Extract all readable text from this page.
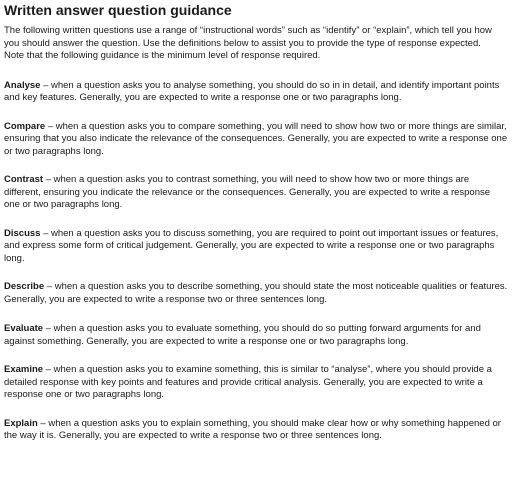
Written answer question guidance

The following written questions use a range of “instructional words” such as “identify” or “explain”, which tell you how you should answer the question. Use the definitions below to assist you to provide the type of response expected.

Note that the following guidance is the minimum level of response required.

Analyse – when a question asks you to analyse something, you should do so in in detail, and identify important points and key features. Generally, you are expected to write a response one or two paragraphs long.

Compare – when a question asks you to compare something, you will need to show how two or more things are similar, ensuring that you also indicate the relevance of the consequences. Generally, you are expected to write a response one or two paragraphs long.

Contrast – when a question asks you to contrast something, you will need to show how two or more things are different, ensuring you indicate the relevance or the consequences. Generally, you are expected to write a response one or two paragraphs long.

Discuss – when a question asks you to discuss something, you are required to point out important issues or features, and express some form of critical judgement. Generally, you are expected to write a response one or two paragraphs long.

Describe – when a question asks you to describe something, you should state the most noticeable qualities or features. Generally, you are expected to write a response two or three sentences long.

Evaluate – when a question asks you to evaluate something, you should do so putting forward arguments for and against something. Generally, you are expected to write a response one or two paragraphs long.

Examine – when a question asks you to examine something, this is similar to “analyse”, where you should provide a detailed response with key points and features and provide critical analysis. Generally, you are expected to write a response one or two paragraphs long.

Explain – when a question asks you to explain something, you should make clear how or why something happened or the way it is. Generally, you are expected to write a response two or three sentences long.
